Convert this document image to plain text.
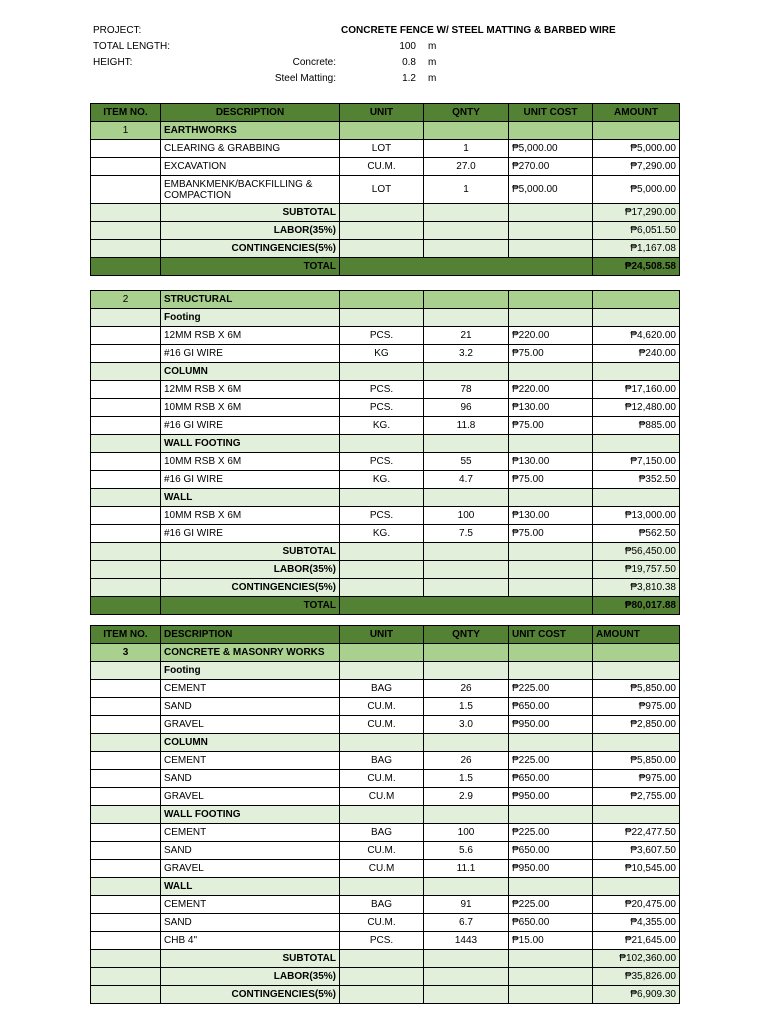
PROJECT:	CONCRETE FENCE W/ STEEL MATTING & BARBED WIRE
TOTAL LENGTH:	100 m
HEIGHT:	Concrete:	0.8 m
Steel Matting:	1.2 m
ITEM NO.	DESCRIPTION	UNIT	QNTY	UNIT COST	AMOUNT
1	EARTHWORKS				
	CLEARING & GRABBING	LOT	1	₱5,000.00	₱5,000.00
	EXCAVATION	CU.M.	27.0	₱270.00	₱7,290.00
	EMBANKMENK/BACKFILLING & COMPACTION	LOT	1	₱5,000.00	₱5,000.00
	SUBTOTAL				₱17,290.00
	LABOR(35%)				₱6,051.50
	CONTINGENCIES(5%)				₱1,167.08
	TOTAL				₱24,508.58
2	STRUCTURAL				
	Footing				
	12MM RSB X 6M	PCS.	21	₱220.00	₱4,620.00
	#16 GI WIRE	KG	3.2	₱75.00	₱240.00
	COLUMN				
	12MM RSB X 6M	PCS.	78	₱220.00	₱17,160.00
	10MM RSB X 6M	PCS.	96	₱130.00	₱12,480.00
	#16 GI WIRE	KG.	11.8	₱75.00	₱885.00
	WALL FOOTING				
	10MM RSB X 6M	PCS.	55	₱130.00	₱7,150.00
	#16 GI WIRE	KG.	4.7	₱75.00	₱352.50
	WALL				
	10MM RSB X 6M	PCS.	100	₱130.00	₱13,000.00
	#16 GI WIRE	KG.	7.5	₱75.00	₱562.50
	SUBTOTAL				₱56,450.00
	LABOR(35%)				₱19,757.50
	CONTINGENCIES(5%)				₱3,810.38
	TOTAL				₱80,017.88
ITEM NO.	DESCRIPTION	UNIT	QNTY	UNIT COST	AMOUNT
3	CONCRETE & MASONRY WORKS				
	Footing				
	CEMENT	BAG	26	₱225.00	₱5,850.00
	SAND	CU.M.	1.5	₱650.00	₱975.00
	GRAVEL	CU.M.	3.0	₱950.00	₱2,850.00
	COLUMN				
	CEMENT	BAG	26	₱225.00	₱5,850.00
	SAND	CU.M.	1.5	₱650.00	₱975.00
	GRAVEL	CU.M	2.9	₱950.00	₱2,755.00
	WALL FOOTING				
	CEMENT	BAG	100	₱225.00	₱22,477.50
	SAND	CU.M.	5.6	₱650.00	₱3,607.50
	GRAVEL	CU.M	11.1	₱950.00	₱10,545.00
	WALL				
	CEMENT	BAG	91	₱225.00	₱20,475.00
	SAND	CU.M.	6.7	₱650.00	₱4,355.00
	CHB 4"	PCS.	1443	₱15.00	₱21,645.00
	SUBTOTAL				₱102,360.00
	LABOR(35%)				₱35,826.00
	CONTINGENCIES(5%)				₱6,909.30
